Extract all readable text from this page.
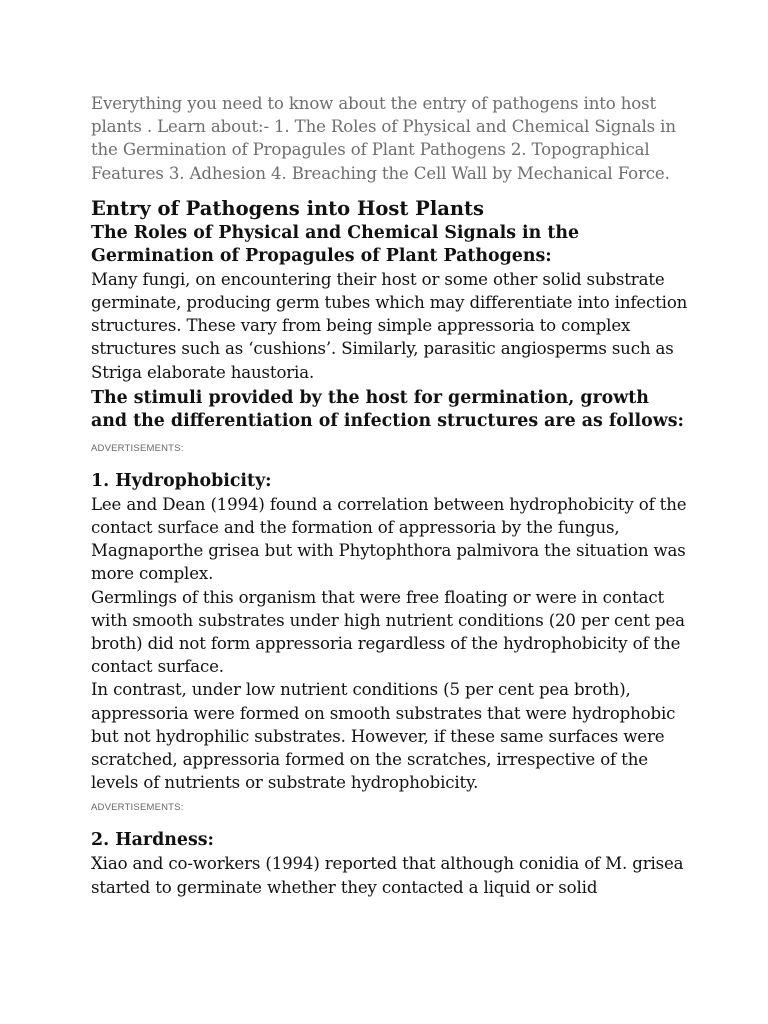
Everything you need to know about the entry of pathogens into host plants . Learn about:- 1. The Roles of Physical and Chemical Signals in the Germination of Propagules of Plant Pathogens 2. Topographical Features 3. Adhesion 4. Breaching the Cell Wall by Mechanical Force.

Entry of Pathogens into Host Plants
The Roles of Physical and Chemical Signals in the Germination of Propagules of Plant Pathogens:

Many fungi, on encountering their host or some other solid substrate germinate, producing germ tubes which may differentiate into infection structures. These vary from being simple appressoria to complex structures such as ‘cushions’. Similarly, parasitic angiosperms such as Striga elaborate haustoria.

The stimuli provided by the host for germination, growth and the differentiation of infection structures are as follows:

ADVERTISEMENTS:
1. Hydrophobicity:

Lee and Dean (1994) found a correlation between hydrophobicity of the contact surface and the formation of appressoria by the fungus, Magnaporthe grisea but with Phytophthora palmivora the situation was more complex.

Germlings of this organism that were free floating or were in contact with smooth substrates under high nutrient conditions (20 per cent pea broth) did not form appressoria regardless of the hydrophobicity of the contact surface.

In contrast, under low nutrient conditions (5 per cent pea broth), appressoria were formed on smooth substrates that were hydrophobic but not hydrophilic substrates. However, if these same surfaces were scratched, appressoria formed on the scratches, irrespective of the levels of nutrients or substrate hydrophobicity.

ADVERTISEMENTS:
2. Hardness:

Xiao and co-workers (1994) reported that although conidia of M. grisea started to germinate whether they contacted a liquid or solid
